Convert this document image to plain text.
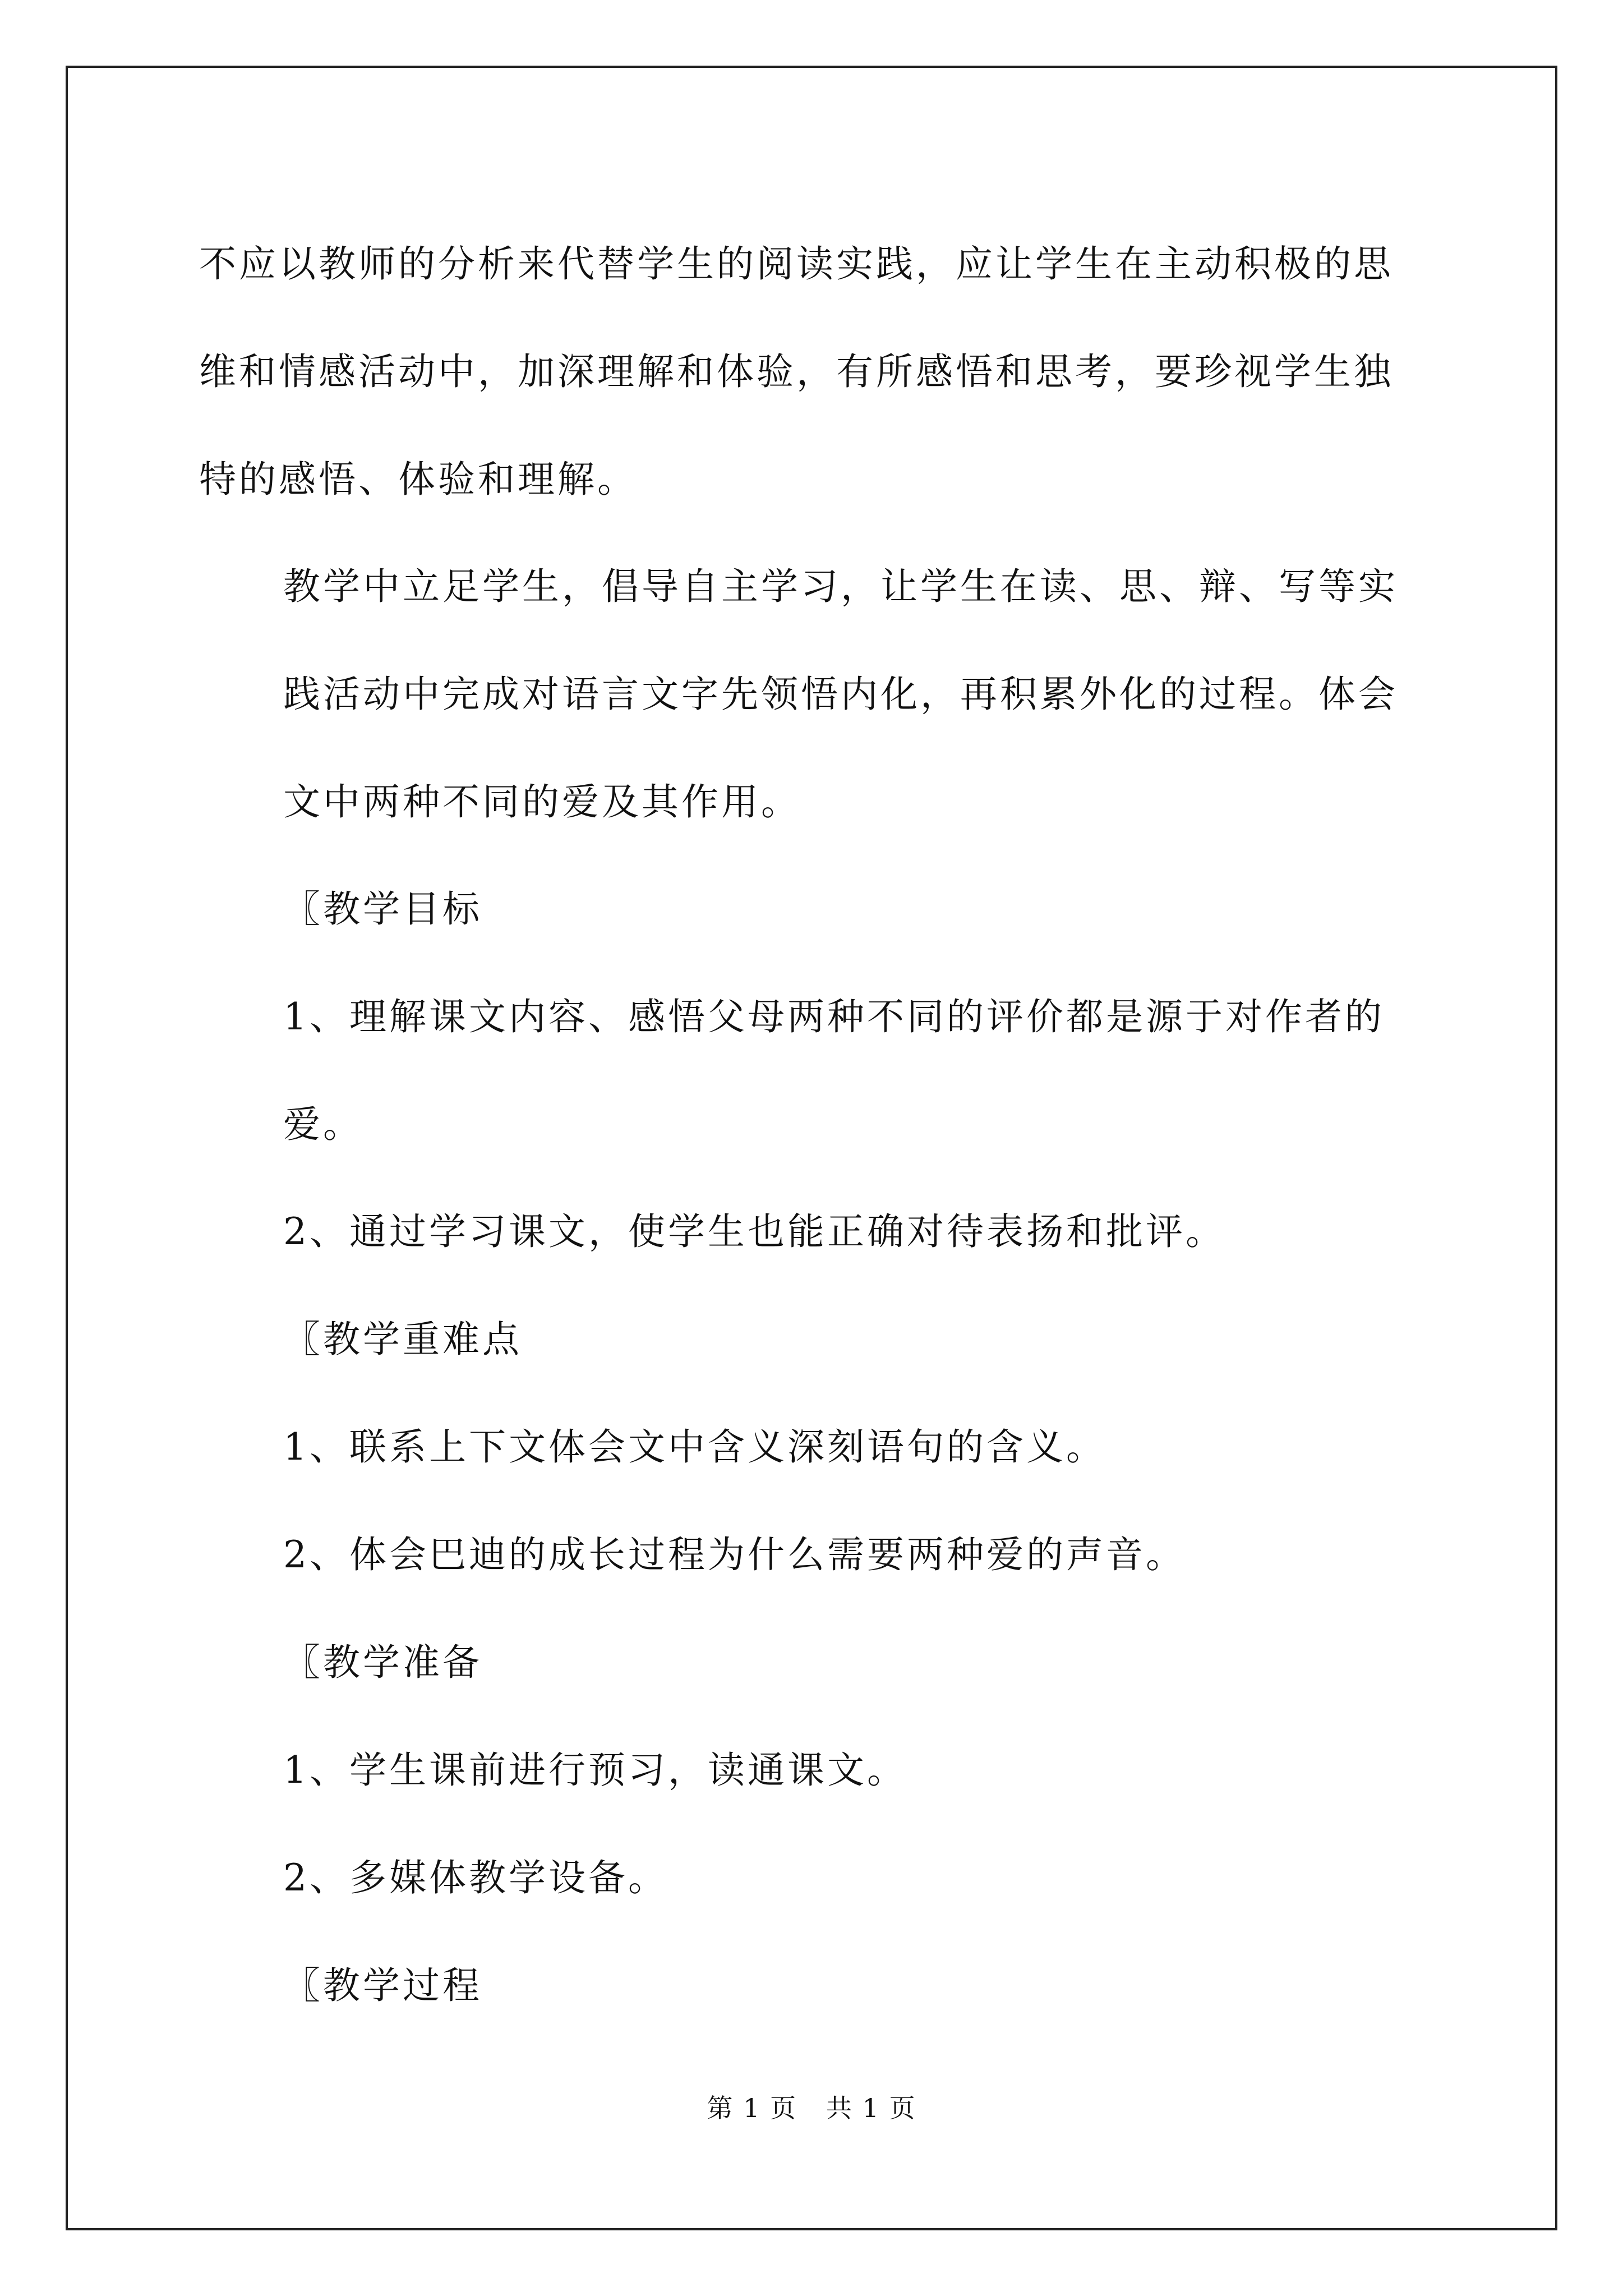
不应以教师的分析来代替学生的阅读实践，应让学生在主动积极的思维和情感活动中，加深理解和体验，有所感悟和思考，要珍视学生独特的感悟、体验和理解。

教学中立足学生，倡导自主学习，让学生在读、思、辩、写等实践活动中完成对语言文字先领悟内化，再积累外化的过程。体会文中两种不同的爱及其作用。

〖教学目标

1、理解课文内容、感悟父母两种不同的评价都是源于对作者的爱。

2、通过学习课文，使学生也能正确对待表扬和批评。

〖教学重难点

1、联系上下文体会文中含义深刻语句的含义。

2、体会巴迪的成长过程为什么需要两种爱的声音。

〖教学准备

1、学生课前进行预习，读通课文。

2、多媒体教学设备。

〖教学过程

第 1 页 共 1 页
